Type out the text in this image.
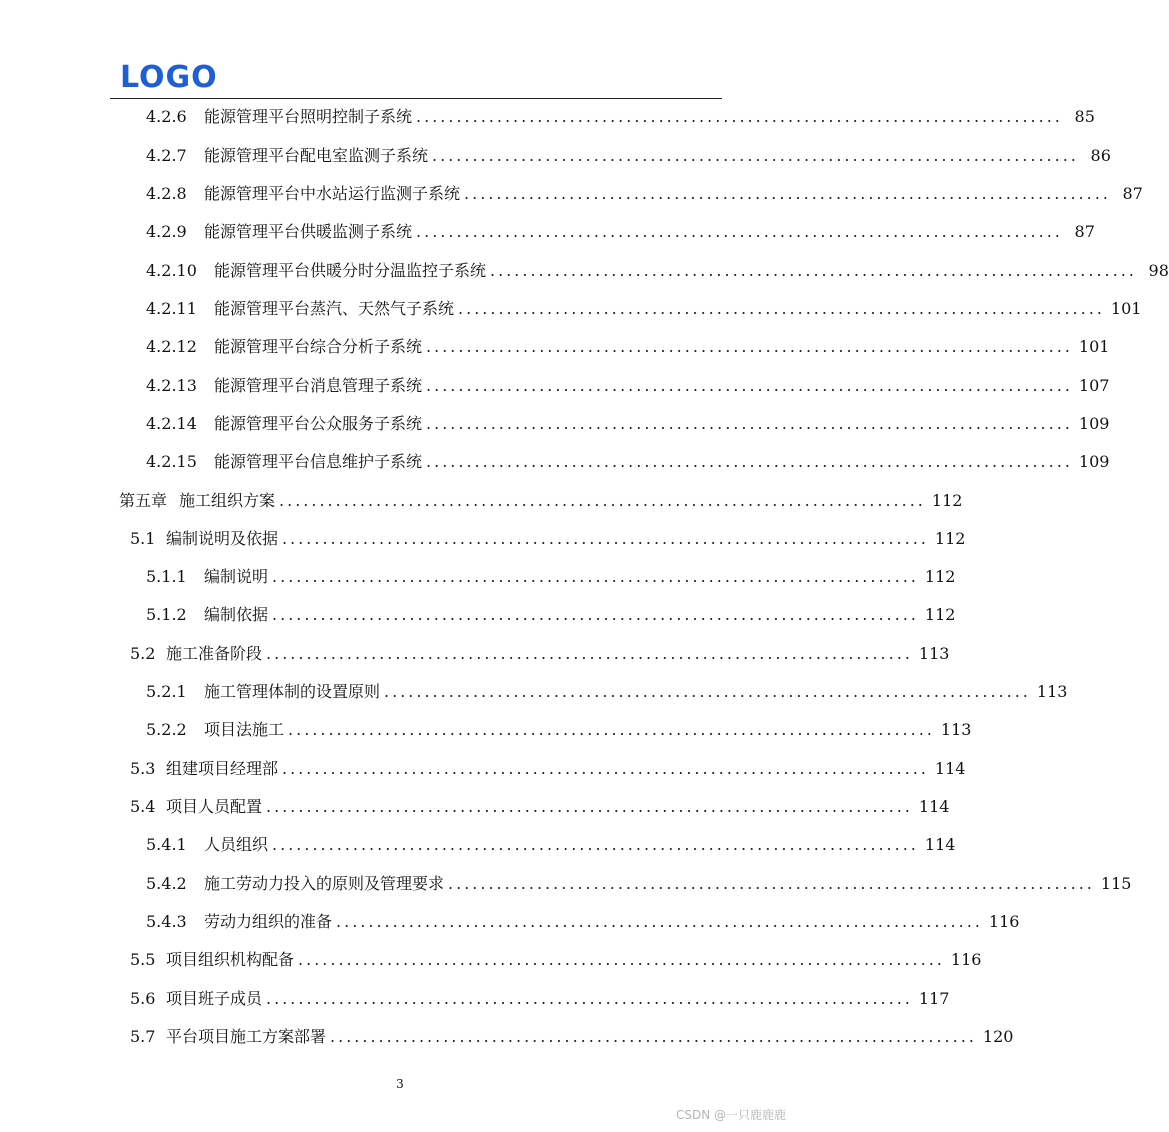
LOGO
4.2.6	能源管理平台照明控制子系统 ................................................................................ 85
4.2.7	能源管理平台配电室监测子系统 ................................................................................ 86
4.2.8	能源管理平台中水站运行监测子系统 ................................................................................ 87
4.2.9	能源管理平台供暖监测子系统 ................................................................................ 87
4.2.10	能源管理平台供暖分时分温监控子系统 ................................................................................ 98
4.2.11	能源管理平台蒸汽、天然气子系统 ................................................................................ 101
4.2.12	能源管理平台综合分析子系统 ................................................................................ 101
4.2.13	能源管理平台消息管理子系统 ................................................................................ 107
4.2.14	能源管理平台公众服务子系统 ................................................................................ 109
4.2.15	能源管理平台信息维护子系统 ................................................................................ 109
第五章 施工组织方案 ................................................................................ 112
5.1 编制说明及依据 ................................................................................ 112
5.1.1	编制说明 ................................................................................ 112
5.1.2	编制依据 ................................................................................ 112
5.2 施工准备阶段 ................................................................................ 113
5.2.1	施工管理体制的设置原则 ................................................................................ 113
5.2.2	项目法施工 ................................................................................ 113
5.3 组建项目经理部 ................................................................................ 114
5.4 项目人员配置 ................................................................................ 114
5.4.1	人员组织 ................................................................................ 114
5.4.2	施工劳动力投入的原则及管理要求 ................................................................................ 115
5.4.3	劳动力组织的准备 ................................................................................ 116
5.5 项目组织机构配备 ................................................................................ 116
5.6 项目班子成员 ................................................................................ 117
5.7 平台项目施工方案部署 ................................................................................ 120
3
CSDN @一只鹿鹿鹿
